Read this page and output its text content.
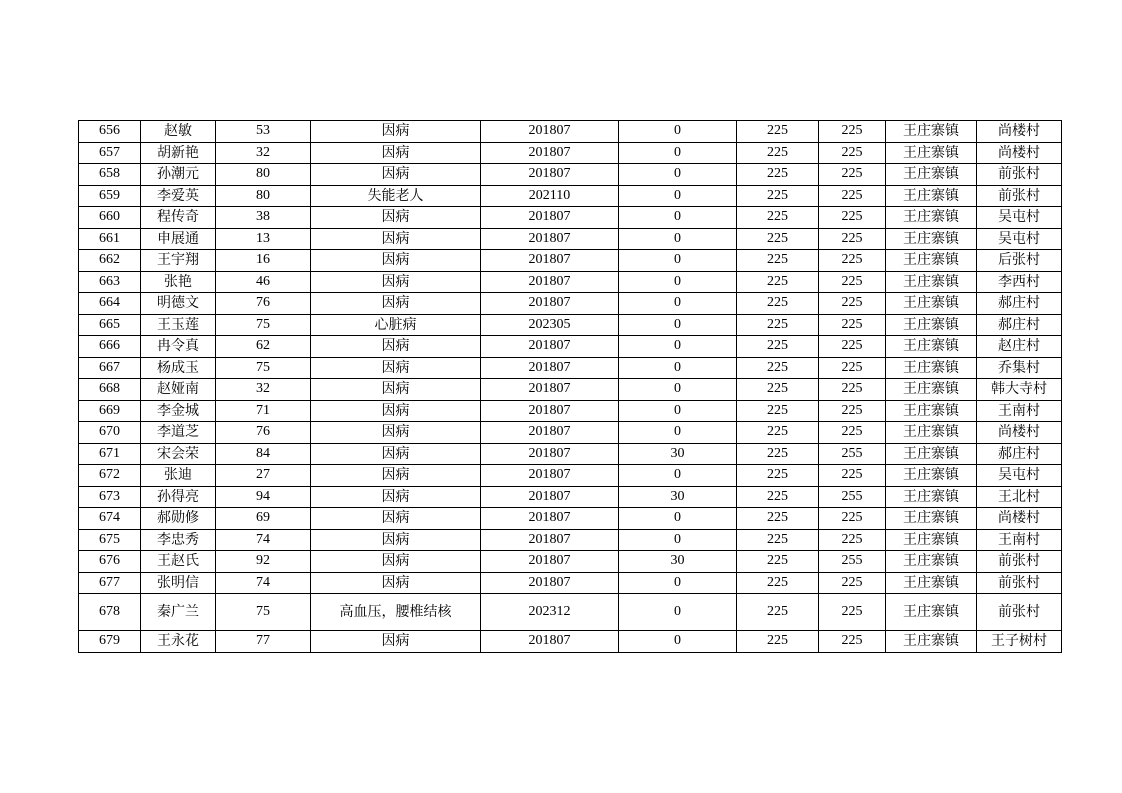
656	赵敏	53	因病	201807	0	225	225	王庄寨镇	尚楼村
657	胡新艳	32	因病	201807	0	225	225	王庄寨镇	尚楼村
658	孙潮元	80	因病	201807	0	225	225	王庄寨镇	前张村
659	李爱英	80	失能老人	202110	0	225	225	王庄寨镇	前张村
660	程传奇	38	因病	201807	0	225	225	王庄寨镇	吴屯村
661	申展通	13	因病	201807	0	225	225	王庄寨镇	吴屯村
662	王宇翔	16	因病	201807	0	225	225	王庄寨镇	后张村
663	张艳	46	因病	201807	0	225	225	王庄寨镇	李西村
664	明德文	76	因病	201807	0	225	225	王庄寨镇	郝庄村
665	王玉莲	75	心脏病	202305	0	225	225	王庄寨镇	郝庄村
666	冉令真	62	因病	201807	0	225	225	王庄寨镇	赵庄村
667	杨成玉	75	因病	201807	0	225	225	王庄寨镇	乔集村
668	赵娅南	32	因病	201807	0	225	225	王庄寨镇	韩大寺村
669	李金城	71	因病	201807	0	225	225	王庄寨镇	王南村
670	李道芝	76	因病	201807	0	225	225	王庄寨镇	尚楼村
671	宋会荣	84	因病	201807	30	225	255	王庄寨镇	郝庄村
672	张迪	27	因病	201807	0	225	225	王庄寨镇	吴屯村
673	孙得亮	94	因病	201807	30	225	255	王庄寨镇	王北村
674	郝勋修	69	因病	201807	0	225	225	王庄寨镇	尚楼村
675	李忠秀	74	因病	201807	0	225	225	王庄寨镇	王南村
676	王赵氏	92	因病	201807	30	225	255	王庄寨镇	前张村
677	张明信	74	因病	201807	0	225	225	王庄寨镇	前张村
678	秦广兰	75	高血压，腰椎结核	202312	0	225	225	王庄寨镇	前张村
679	王永花	77	因病	201807	0	225	225	王庄寨镇	王子树村
